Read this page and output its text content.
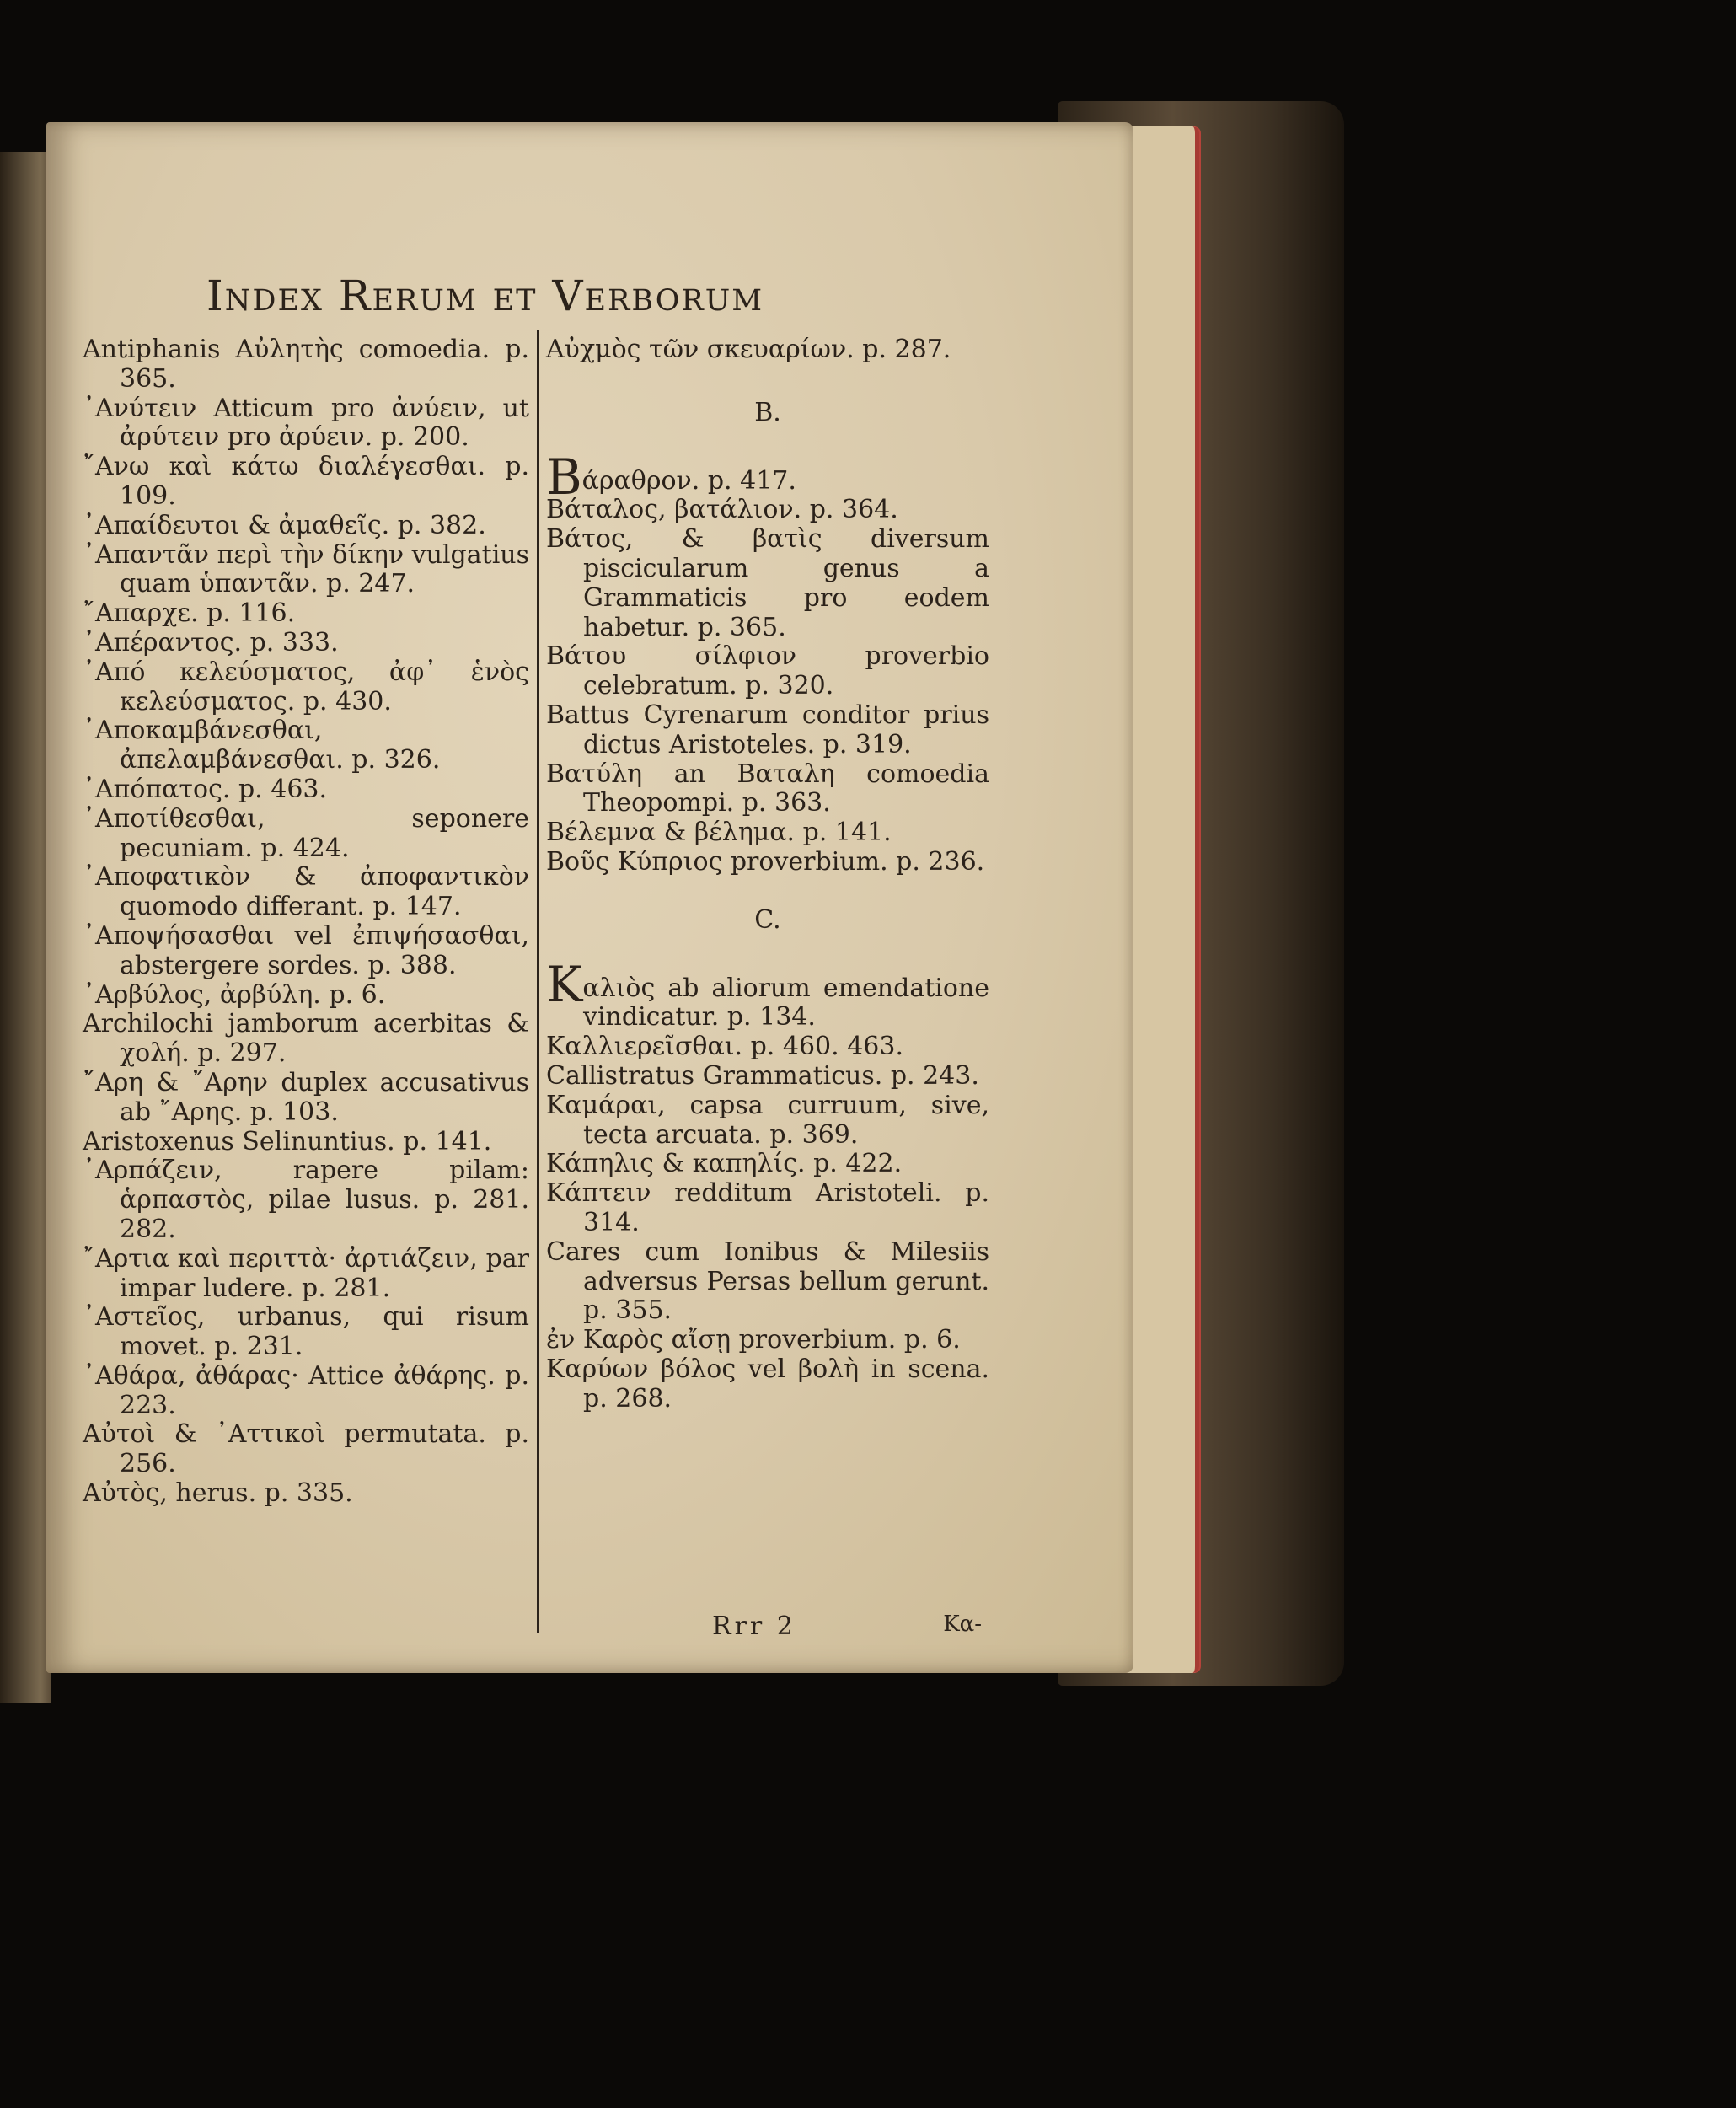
Index Rerum et Verborum

Antiphanis Αὐλητὴς comoedia. p. 365.

᾿Ανύτειν Atticum pro ἀνύειν, ut ἀρύτειν pro ἀρύειν. p. 200.

῎Ανω καὶ κάτω διαλέγεσθαι. p. 109.

᾿Απαίδευτοι & ἀμαθεῖς. p. 382.

᾿Απαντᾶν περὶ τὴν δίκην vulgatius quam ὑπαντᾶν. p. 247.

῎Απαρχε. p. 116.

᾿Απέραντος. p. 333.

᾿Από κελεύσματος, ἀφ᾿ ἑνὸς κελεύσματος. p. 430.

᾿Αποκαμβάνεσθαι, ἀπελαμβάνεσθαι. p. 326.

᾿Απόπατος. p. 463.

᾿Αποτίθεσθαι, seponere pecuniam. p. 424.

᾿Αποφατικὸν & ἀποφαντικὸν quomodo differant. p. 147.

᾿Αποψήσασθαι vel ἐπιψήσασθαι, abstergere sordes. p. 388.

᾿Αρβύλος, ἀρβύλη. p. 6.

Archilochi jamborum acerbitas & χολή. p. 297.

῎Αρη & ῎Αρην duplex accusativus ab ῎Αρης. p. 103.

Aristoxenus Selinuntius. p. 141.

᾿Αρπάζειν, rapere pilam: ἁρπαστὸς, pilae lusus. p. 281. 282.

῎Αρτια καὶ περιττὰ· ἀρτιάζειν, par impar ludere. p. 281.

᾿Αστεῖος, urbanus, qui risum movet. p. 231.

᾿Αθάρα, ἀθάρας· Attice ἀθάρης. p. 223.

Αὐτοὶ & ᾿Αττικοὶ permutata. p. 256.

Αὐτὸς, herus. p. 335.

Αὐχμὸς τῶν σκευαρίων. p. 287.

B.

Bάραθρον. p. 417.

Βάταλος, βατάλιον. p. 364.

Βάτος, & βατὶς diversum piscicularum genus a Grammaticis pro eodem habetur. p. 365.

Βάτου σίλφιον proverbio celebratum. p. 320.

Battus Cyrenarum conditor prius dictus Aristoteles. p. 319.

Βατύλη an Βαταλη comoedia Theopompi. p. 363.

Βέλεμνα & βέλημα. p. 141.

Βοῦς Κύπριος proverbium. p. 236.

C.

Kαλιὸς ab aliorum emendatione vindicatur. p. 134.

Καλλιερεῖσθαι. p. 460. 463.

Callistratus Grammaticus. p. 243.

Καμάραι, capsa curruum, sive, tecta arcuata. p. 369.

Κάπηλις & καπηλίς. p. 422.

Κάπτειν redditum Aristoteli. p. 314.

Cares cum Ionibus & Milesiis adversus Persas bellum gerunt. p. 355.

ἐν Καρὸς αἴσῃ proverbium. p. 6.

Καρύων βόλος vel βολὴ in scena. p. 268.

Rrr 2	Κα-
